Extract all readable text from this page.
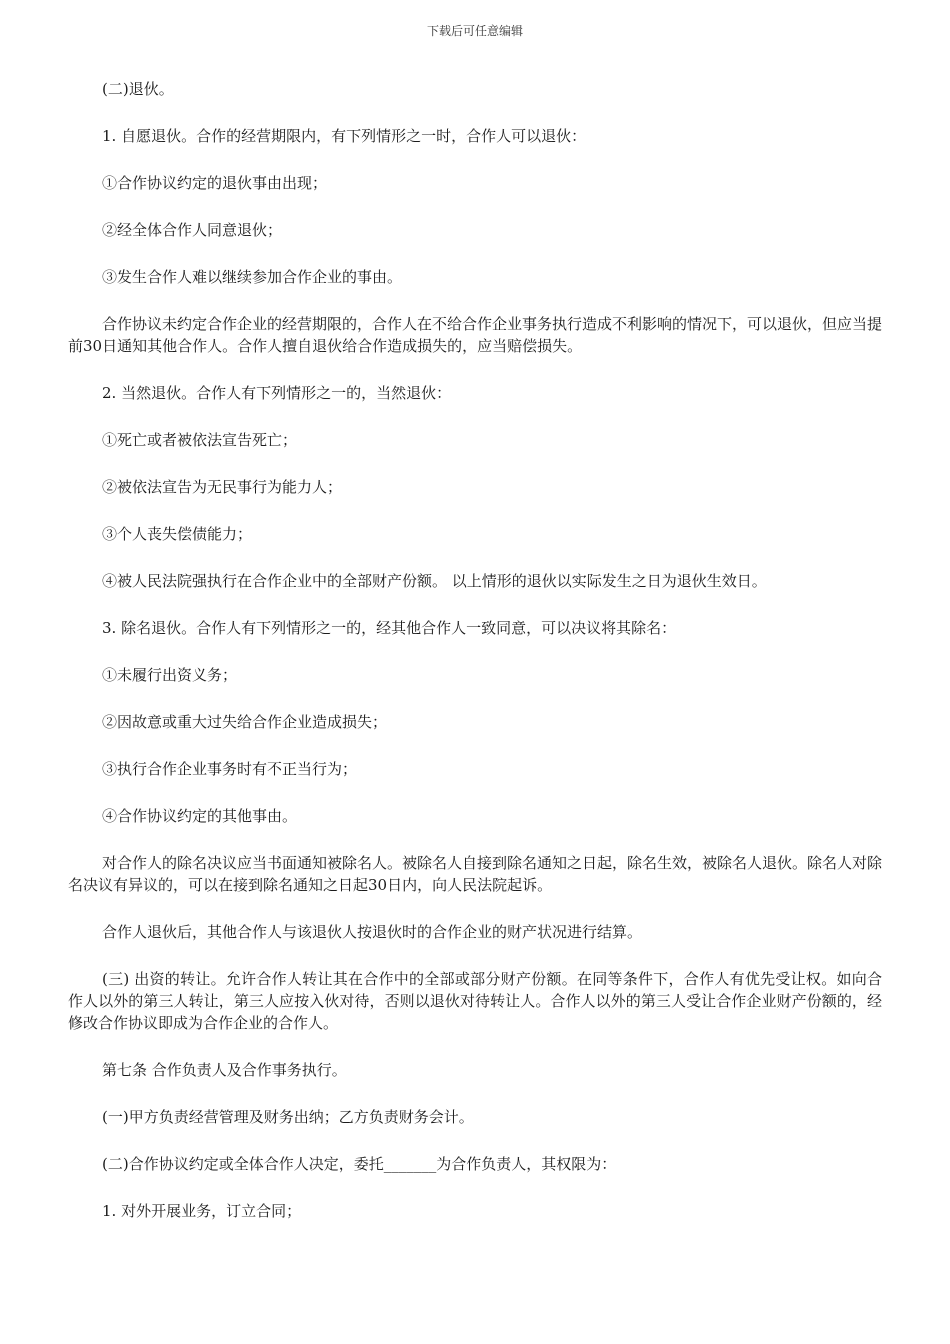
下载后可任意编辑

(二)退伙。

1. 自愿退伙。合作的经营期限内，有下列情形之一时，合作人可以退伙：

①合作协议约定的退伙事由出现；

②经全体合作人同意退伙；

③发生合作人难以继续参加合作企业的事由。

合作协议未约定合作企业的经营期限的，合作人在不给合作企业事务执行造成不利影响的情况下，可以退伙，但应当提前30日通知其他合作人。合作人擅自退伙给合作造成损失的，应当赔偿损失。

2. 当然退伙。合作人有下列情形之一的，当然退伙：

①死亡或者被依法宣告死亡；

②被依法宣告为无民事行为能力人；

③个人丧失偿债能力；

④被人民法院强执行在合作企业中的全部财产份额。 以上情形的退伙以实际发生之日为退伙生效日。

3. 除名退伙。合作人有下列情形之一的，经其他合作人一致同意，可以决议将其除名：

①未履行出资义务；

②因故意或重大过失给合作企业造成损失；

③执行合作企业事务时有不正当行为；

④合作协议约定的其他事由。

对合作人的除名决议应当书面通知被除名人。被除名人自接到除名通知之日起，除名生效，被除名人退伙。除名人对除名决议有异议的，可以在接到除名通知之日起30日内，向人民法院起诉。

合作人退伙后，其他合作人与该退伙人按退伙时的合作企业的财产状况进行结算。

(三) 出资的转让。允许合作人转让其在合作中的全部或部分财产份额。在同等条件下，合作人有优先受让权。如向合作人以外的第三人转让，第三人应按入伙对待，否则以退伙对待转让人。合作人以外的第三人受让合作企业财产份额的，经修改合作协议即成为合作企业的合作人。

第七条 合作负责人及合作事务执行。

(一)甲方负责经营管理及财务出纳；乙方负责财务会计。

(二)合作协议约定或全体合作人决定，委托_______为合作负责人，其权限为：

1. 对外开展业务，订立合同；
